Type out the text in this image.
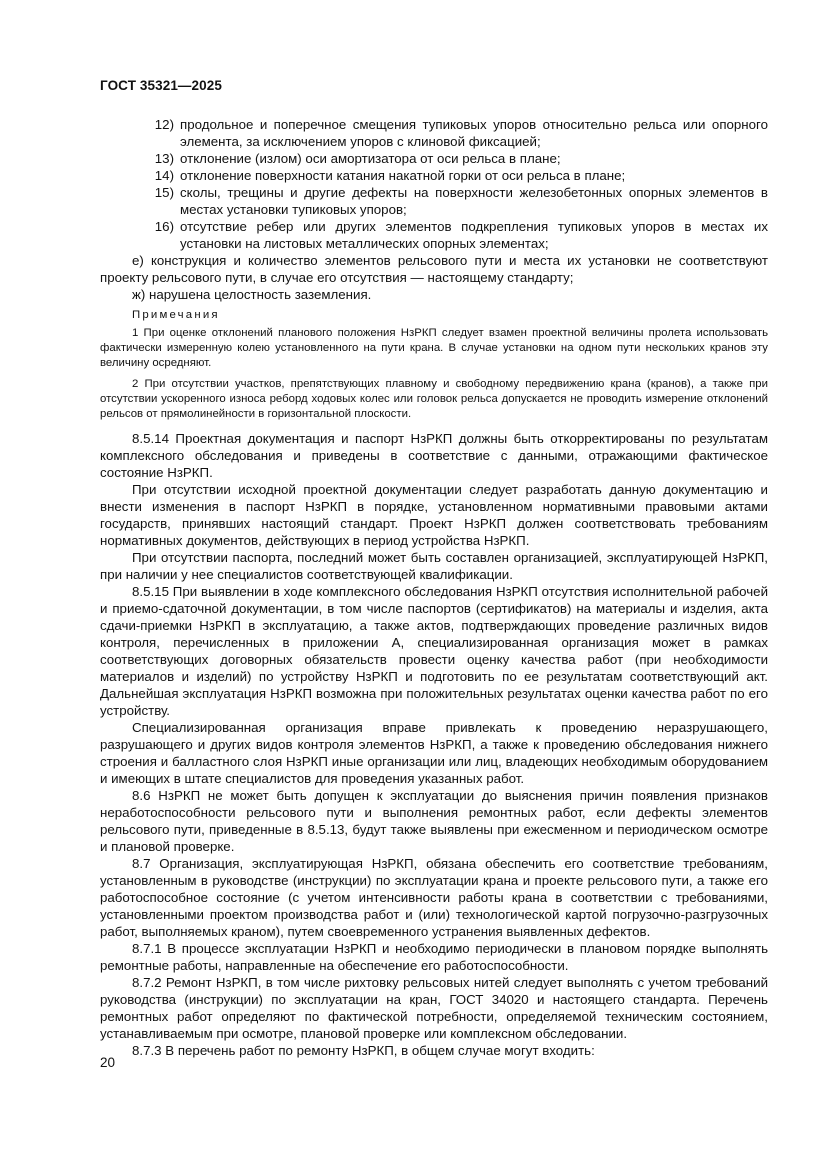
ГОСТ 35321—2025
12) продольное и поперечное смещения тупиковых упоров относительно рельса или опорного элемента, за исключением упоров с клиновой фиксацией;
13) отклонение (излом) оси амортизатора от оси рельса в плане;
14) отклонение поверхности катания накатной горки от оси рельса в плане;
15) сколы, трещины и другие дефекты на поверхности железобетонных опорных элементов в местах установки тупиковых упоров;
16) отсутствие ребер или других элементов подкрепления тупиковых упоров в местах их установки на листовых металлических опорных элементах;
е) конструкция и количество элементов рельсового пути и места их установки не соответствуют проекту рельсового пути, в случае его отсутствия — настоящему стандарту;
ж) нарушена целостность заземления.
Примечания
1 При оценке отклонений планового положения НзРКП следует взамен проектной величины пролета использовать фактически измеренную колею установленного на пути крана. В случае установки на одном пути нескольких кранов эту величину осредняют.
2 При отсутствии участков, препятствующих плавному и свободному передвижению крана (кранов), а также при отсутствии ускоренного износа реборд ходовых колес или головок рельса допускается не проводить измерение отклонений рельсов от прямолинейности в горизонтальной плоскости.
8.5.14 Проектная документация и паспорт НзРКП должны быть откорректированы по результатам комплексного обследования и приведены в соответствие с данными, отражающими фактическое состояние НзРКП.
При отсутствии исходной проектной документации следует разработать данную документацию и внести изменения в паспорт НзРКП в порядке, установленном нормативными правовыми актами государств, принявших настоящий стандарт. Проект НзРКП должен соответствовать требованиям нормативных документов, действующих в период устройства НзРКП.
При отсутствии паспорта, последний может быть составлен организацией, эксплуатирующей НзРКП, при наличии у нее специалистов соответствующей квалификации.
8.5.15 При выявлении в ходе комплексного обследования НзРКП отсутствия исполнительной рабочей и приемо-сдаточной документации, в том числе паспортов (сертификатов) на материалы и изделия, акта сдачи-приемки НзРКП в эксплуатацию, а также актов, подтверждающих проведение различных видов контроля, перечисленных в приложении А, специализированная организация может в рамках соответствующих договорных обязательств провести оценку качества работ (при необходимости материалов и изделий) по устройству НзРКП и подготовить по ее результатам соответствующий акт. Дальнейшая эксплуатация НзРКП возможна при положительных результатах оценки качества работ по его устройству.
Специализированная организация вправе привлекать к проведению неразрушающего, разрушающего и других видов контроля элементов НзРКП, а также к проведению обследования нижнего строения и балластного слоя НзРКП иные организации или лиц, владеющих необходимым оборудованием и имеющих в штате специалистов для проведения указанных работ.
8.6 НзРКП не может быть допущен к эксплуатации до выяснения причин появления признаков неработоспособности рельсового пути и выполнения ремонтных работ, если дефекты элементов рельсового пути, приведенные в 8.5.13, будут также выявлены при ежесменном и периодическом осмотре и плановой проверке.
8.7 Организация, эксплуатирующая НзРКП, обязана обеспечить его соответствие требованиям, установленным в руководстве (инструкции) по эксплуатации крана и проекте рельсового пути, а также его работоспособное состояние (с учетом интенсивности работы крана в соответствии с требованиями, установленными проектом производства работ и (или) технологической картой погрузочно-разгрузочных работ, выполняемых краном), путем своевременного устранения выявленных дефектов.
8.7.1 В процессе эксплуатации НзРКП и необходимо периодически в плановом порядке выполнять ремонтные работы, направленные на обеспечение его работоспособности.
8.7.2 Ремонт НзРКП, в том числе рихтовку рельсовых нитей следует выполнять с учетом требований руководства (инструкции) по эксплуатации на кран, ГОСТ 34020 и настоящего стандарта. Перечень ремонтных работ определяют по фактической потребности, определяемой техническим состоянием, устанавливаемым при осмотре, плановой проверке или комплексном обследовании.
8.7.3 В перечень работ по ремонту НзРКП, в общем случае могут входить:
20
